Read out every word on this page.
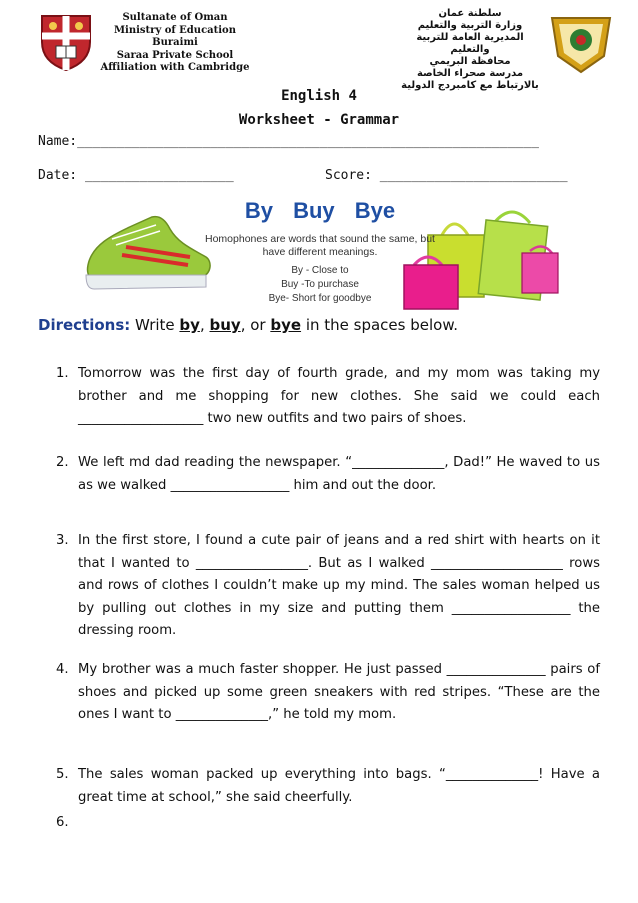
Sultanate of Oman
Ministry of Education
Buraimi
Saraa Private School
Affiliation with Cambridge
سلطنة عمان
وزارة التربية والتعليم
المديرية العامة للتربية والتعليم
محافظة البريمي
مدرسة صحراء الخاصة
بالارتباط مع كامبردج الدولية
English 4
Worksheet - Grammar
Name:___________________________________________________________
Date: ___________________	Score: ________________________
By Buy Bye
Homophones are words that sound the same, but have different meanings.
By - Close to
Buy -To purchase
Bye- Short for goodbye
Directions: Write by, buy, or bye in the spaces below.
1. Tomorrow was the first day of fourth grade, and my mom was taking my brother and me shopping for new clothes. She said we could each ___________________ two new outfits and two pairs of shoes.
2. We left md dad reading the newspaper. “______________, Dad!” He waved to us as we walked __________________ him and out the door.
3. In the first store, I found a cute pair of jeans and a red shirt with hearts on it that I wanted to _________________. But as I walked ____________________ rows and rows of clothes I couldn’t make up my mind. The sales woman helped us by pulling out clothes in my size and putting them __________________ the dressing room.
4. My brother was a much faster shopper. He just passed _______________ pairs of shoes and picked up some green sneakers with red stripes. “These are the ones I want to ______________,” he told my mom.
5. The sales woman packed up everything into bags. “______________! Have a great time at school,” she said cheerfully.
6.
